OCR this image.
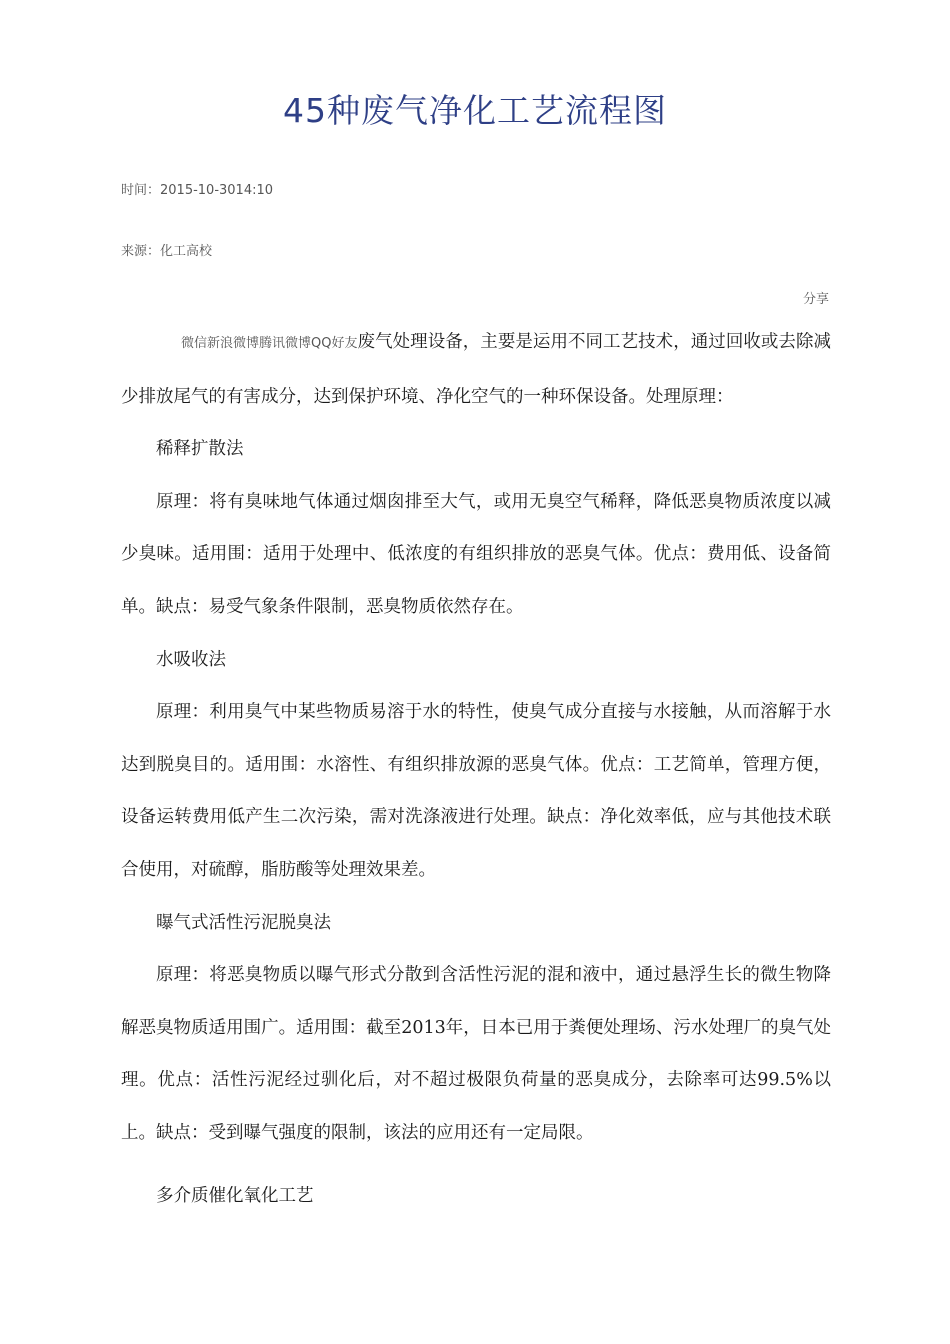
45种废气净化工艺流程图
时间：2015-10-3014:10
来源：化工高校
分享

微信新浪微博腾讯微博QQ好友废气处理设备，主要是运用不同工艺技术，通过回收或去除减少排放尾气的有害成分，达到保护环境、净化空气的一种环保设备。处理原理：

稀释扩散法

原理：将有臭味地气体通过烟囱排至大气，或用无臭空气稀释，降低恶臭物质浓度以减少臭味。适用围：适用于处理中、低浓度的有组织排放的恶臭气体。优点：费用低、设备简单。缺点：易受气象条件限制，恶臭物质依然存在。

水吸收法

原理：利用臭气中某些物质易溶于水的特性，使臭气成分直接与水接触，从而溶解于水达到脱臭目的。适用围：水溶性、有组织排放源的恶臭气体。优点：工艺简单，管理方便，设备运转费用低产生二次污染，需对洗涤液进行处理。缺点：净化效率低，应与其他技术联合使用，对硫醇，脂肪酸等处理效果差。

曝气式活性污泥脱臭法

原理：将恶臭物质以曝气形式分散到含活性污泥的混和液中，通过悬浮生长的微生物降解恶臭物质适用围广。适用围：截至2013年，日本已用于粪便处理场、污水处理厂的臭气处理。优点：活性污泥经过驯化后，对不超过极限负荷量的恶臭成分，去除率可达99.5%以上。缺点：受到曝气强度的限制，该法的应用还有一定局限。

多介质催化氧化工艺
